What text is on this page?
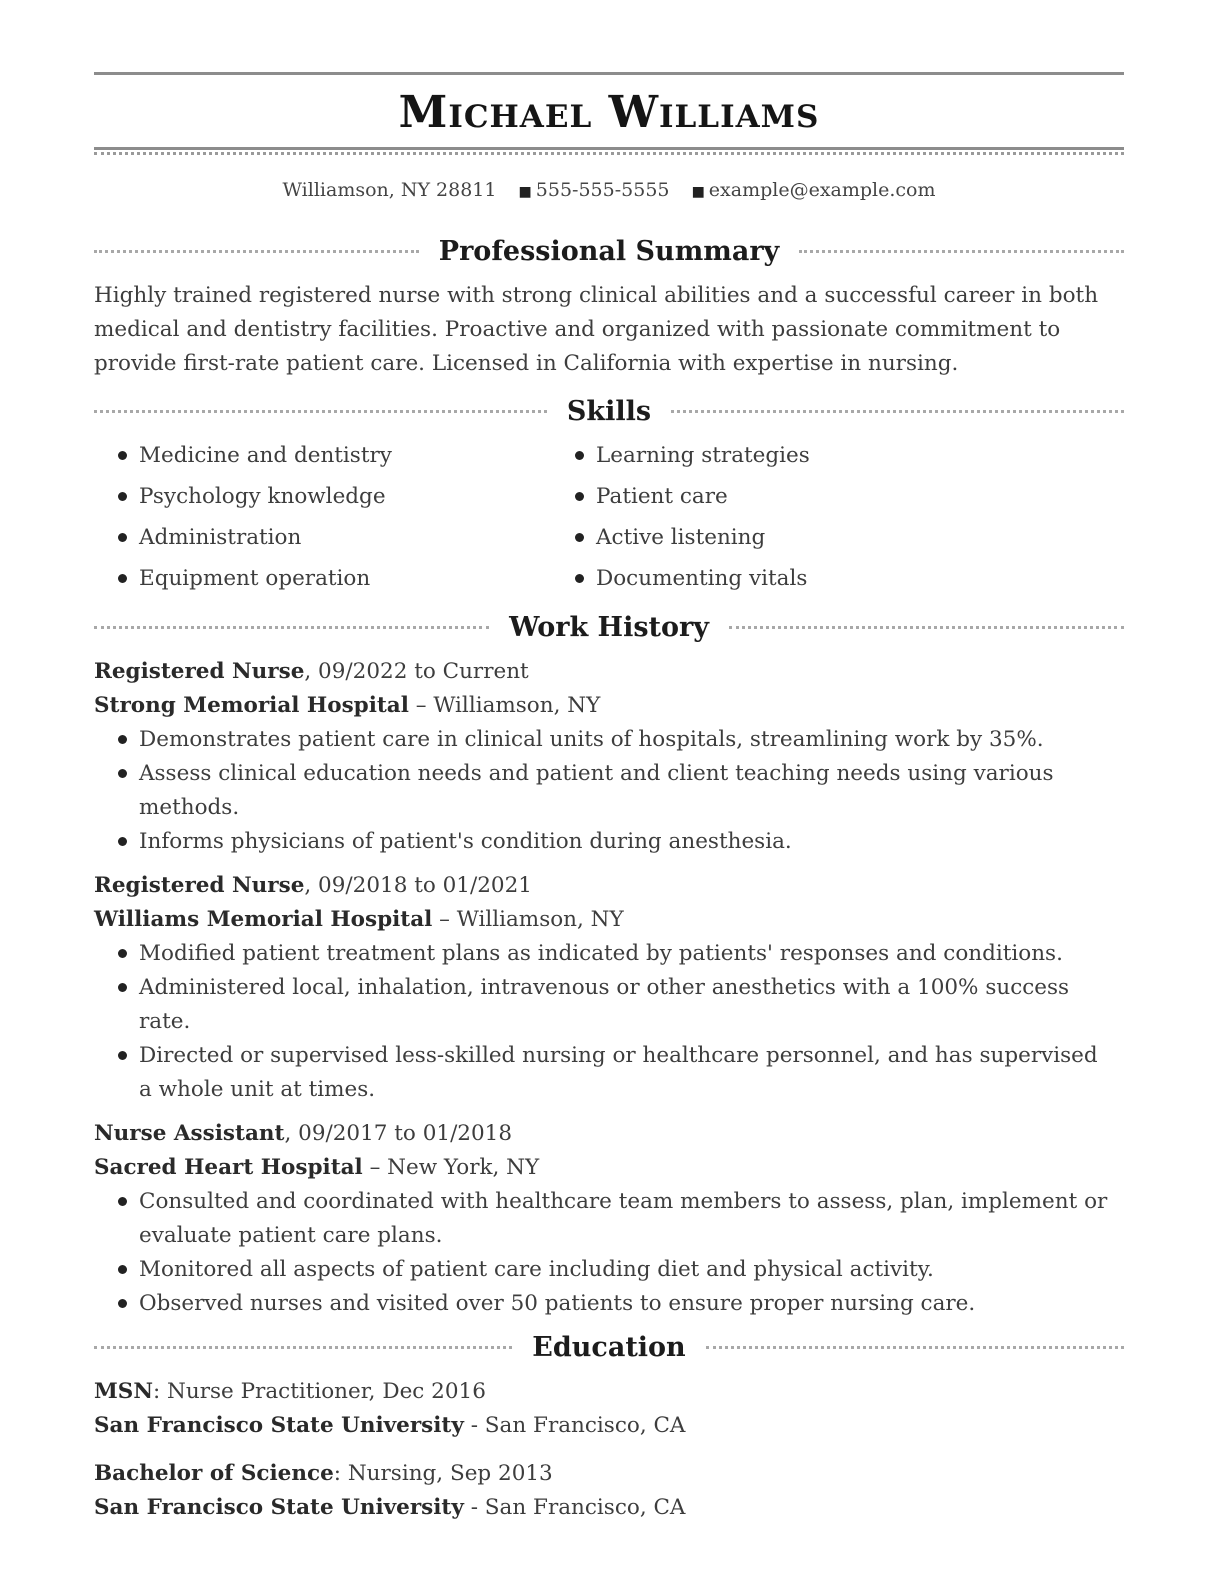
Michael Williams
Williamson, NY 28811 ■ 555-555-5555 ■ example@example.com
Professional Summary
Highly trained registered nurse with strong clinical abilities and a successful career in both medical and dentistry facilities. Proactive and organized with passionate commitment to provide first-rate patient care. Licensed in California with expertise in nursing.
Skills
Medicine and dentistry
Psychology knowledge
Administration
Equipment operation
Learning strategies
Patient care
Active listening
Documenting vitals
Work History
Registered Nurse, 09/2022 to Current
Strong Memorial Hospital – Williamson, NY
Demonstrates patient care in clinical units of hospitals, streamlining work by 35%.
Assess clinical education needs and patient and client teaching needs using various methods.
Informs physicians of patient's condition during anesthesia.
Registered Nurse, 09/2018 to 01/2021
Williams Memorial Hospital – Williamson, NY
Modified patient treatment plans as indicated by patients' responses and conditions.
Administered local, inhalation, intravenous or other anesthetics with a 100% success rate.
Directed or supervised less-skilled nursing or healthcare personnel, and has supervised a whole unit at times.
Nurse Assistant, 09/2017 to 01/2018
Sacred Heart Hospital – New York, NY
Consulted and coordinated with healthcare team members to assess, plan, implement or evaluate patient care plans.
Monitored all aspects of patient care including diet and physical activity.
Observed nurses and visited over 50 patients to ensure proper nursing care.
Education
MSN: Nurse Practitioner, Dec 2016
San Francisco State University - San Francisco, CA
Bachelor of Science: Nursing, Sep 2013
San Francisco State University - San Francisco, CA
